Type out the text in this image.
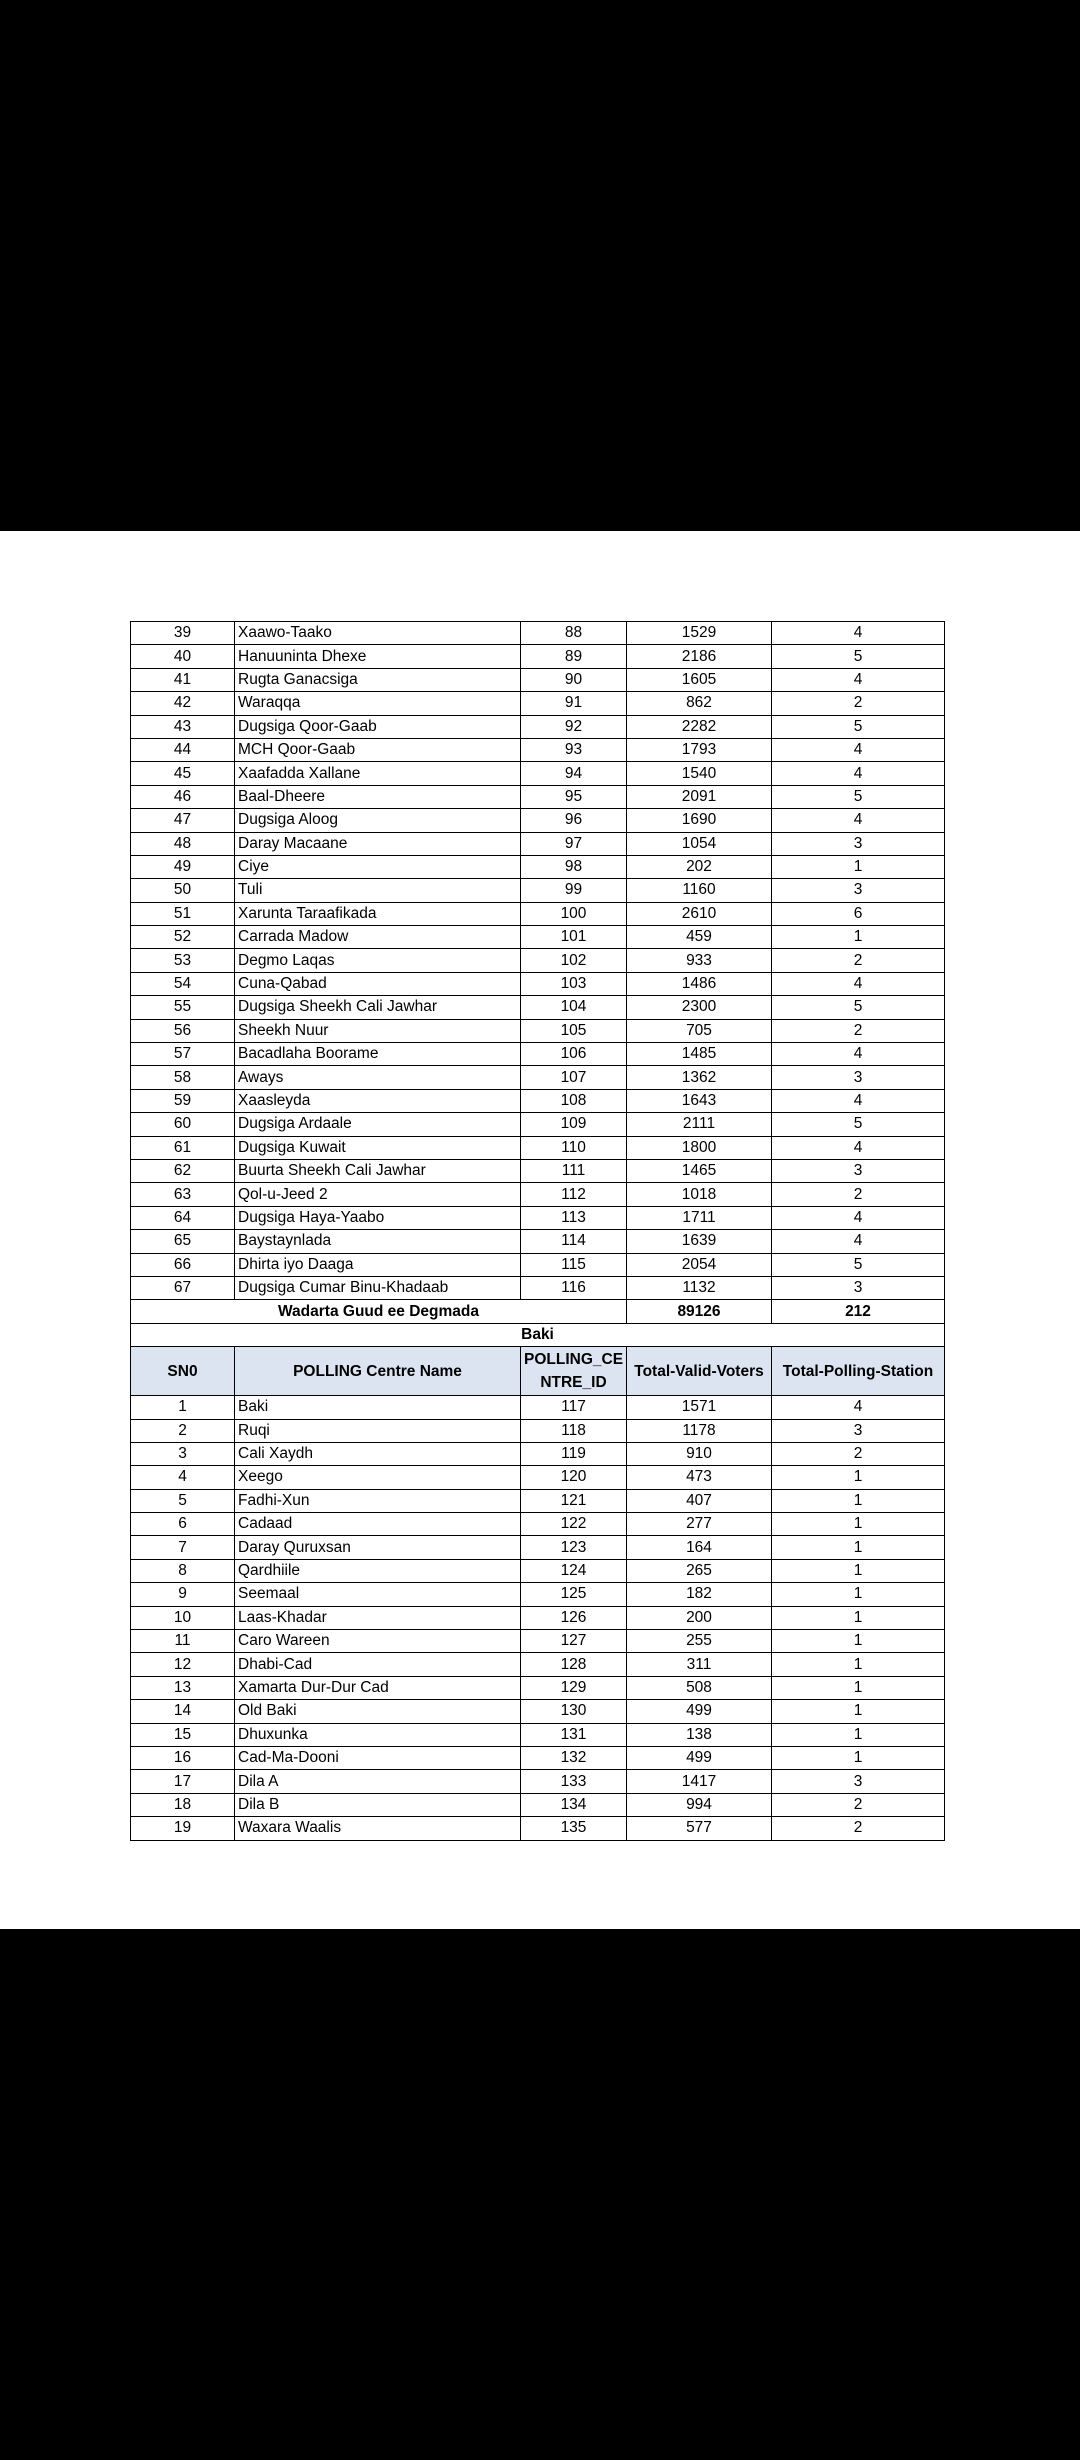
39	Xaawo-Taako	88	1529	4
40	Hanuuninta Dhexe	89	2186	5
41	Rugta Ganacsiga	90	1605	4
42	Waraqqa	91	862	2
43	Dugsiga Qoor-Gaab	92	2282	5
44	MCH Qoor-Gaab	93	1793	4
45	Xaafadda Xallane	94	1540	4
46	Baal-Dheere	95	2091	5
47	Dugsiga Aloog	96	1690	4
48	Daray Macaane	97	1054	3
49	Ciye	98	202	1
50	Tuli	99	1160	3
51	Xarunta Taraafikada	100	2610	6
52	Carrada Madow	101	459	1
53	Degmo Laqas	102	933	2
54	Cuna-Qabad	103	1486	4
55	Dugsiga Sheekh Cali Jawhar	104	2300	5
56	Sheekh Nuur	105	705	2
57	Bacadlaha Boorame	106	1485	4
58	Aways	107	1362	3
59	Xaasleyda	108	1643	4
60	Dugsiga Ardaale	109	2111	5
61	Dugsiga Kuwait	110	1800	4
62	Buurta Sheekh Cali Jawhar	111	1465	3
63	Qol-u-Jeed 2	112	1018	2
64	Dugsiga Haya-Yaabo	113	1711	4
65	Baystaynlada	114	1639	4
66	Dhirta iyo Daaga	115	2054	5
67	Dugsiga Cumar Binu-Khadaab	116	1132	3
Wadarta Guud ee Degmada			89126	212
Baki				
SN0	POLLING Centre Name	POLLING_CE NTRE_ID	Total-Valid-Voters	Total-Polling-Station
1	Baki	117	1571	4
2	Ruqi	118	1178	3
3	Cali Xaydh	119	910	2
4	Xeego	120	473	1
5	Fadhi-Xun	121	407	1
6	Cadaad	122	277	1
7	Daray Quruxsan	123	164	1
8	Qardhiile	124	265	1
9	Seemaal	125	182	1
10	Laas-Khadar	126	200	1
11	Caro Wareen	127	255	1
12	Dhabi-Cad	128	311	1
13	Xamarta Dur-Dur Cad	129	508	1
14	Old Baki	130	499	1
15	Dhuxunka	131	138	1
16	Cad-Ma-Dooni	132	499	1
17	Dila A	133	1417	3
18	Dila B	134	994	2
19	Waxara Waalis	135	577	2
